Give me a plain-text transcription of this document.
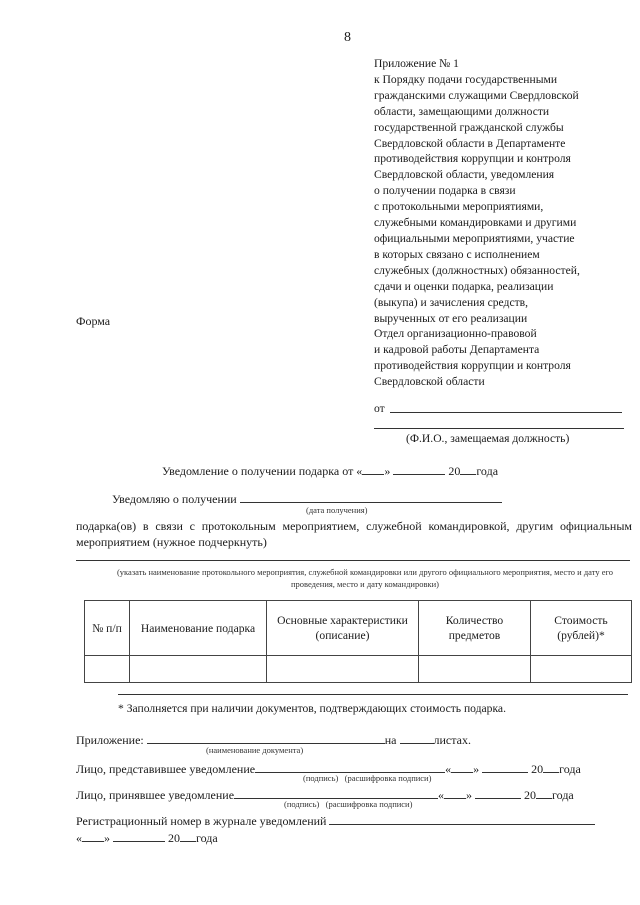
8
Приложение № 1
к Порядку подачи государственными
гражданскими служащими Свердловской
области, замещающими должности
государственной гражданской службы
Свердловской области в Департаменте
противодействия коррупции и контроля
Свердловской области, уведомления
о получении подарка в связи
с протокольными мероприятиями,
служебными командировками и другими
официальными мероприятиями, участие
в которых связано с исполнением
служебных (должностных) обязанностей,
сдачи и оценки подарка, реализации
(выкупа) и зачисления средств,
вырученных от его реализации
Форма
Отдел организационно-правовой
и кадровой работы Департамента
противодействия коррупции и контроля
Свердловской области
от
(Ф.И.О., замещаемая должность)
Уведомление о получении подарка от « »	20 года
Уведомляю о получении
(дата получения)
подарка(ов) в связи с протокольным мероприятием, служебной командировкой, другим официальным мероприятием (нужное подчеркнуть)
(указать наименование протокольного мероприятия, служебной командировки или другого официального мероприятия, место и дату его проведения, место и дату командировки)
№ п/п	Наименование подарка	Основные характеристики (описание)	Количество предметов	Стоимость (рублей)*

* Заполняется при наличии документов, подтверждающих стоимость подарка.
Приложение:	на	листах.
(наименование документа)
Лицо, представившее уведомление	« »	20 года
(подпись) (расшифровка подписи)
Лицо, принявшее уведомление	« »	20 года
(подпись) (расшифровка подписи)
Регистрационный номер в журнале уведомлений
« »	20 года
